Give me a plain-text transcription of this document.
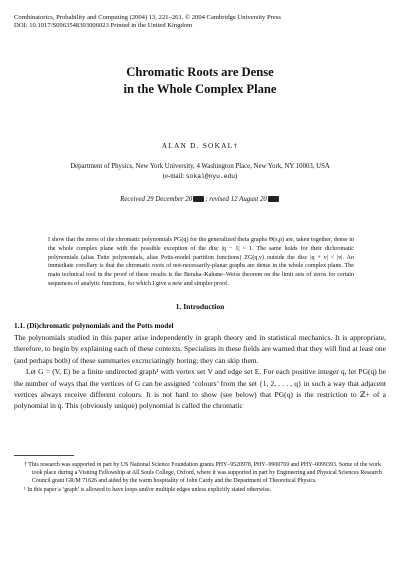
Combinatorics, Probability and Computing (2004) 13, 221–261. © 2004 Cambridge University Press
DOI: 10.1017/S0963548303006023 Printed in the United Kingdom
Chromatic Roots are Dense
in the Whole Complex Plane
ALAN D. SOKAL†
Department of Physics, New York University, 4 Washington Place, New York, NY 10003, USA
(e-mail: sokal@nyu.edu)
Received 29 December 20 ; revised 12 August 20

I show that the zeros of the chromatic polynomials PG(q) for the generalized theta graphs Θ(s,p) are, taken together, dense in the whole complex plane with the possible exception of the disc |q − 1| < 1. The same holds for their dichromatic polynomials (alias Tutte polynomials, alias Potts-model partition functions) ZG(q,v) outside the disc |q + v| < |v|. An immediate corollary is that the chromatic roots of not-necessarily-planar graphs are dense in the whole complex plane. The main technical tool in the proof of these results is the Beraha–Kahane–Weiss theorem on the limit sets of zeros for certain sequences of analytic functions, for which I give a new and simpler proof.

1. Introduction
1.1. (Di)chromatic polynomials and the Potts model

The polynomials studied in this paper arise independently in graph theory and in statistical mechanics. It is appropriate, therefore, to begin by explaining each of these contexts. Specialists in these fields are warned that they will find at least one (and perhaps both) of these summaries excruciatingly boring; they can skip them.

Let G = (V, E) be a finite undirected graph¹ with vertex set V and edge set E. For each positive integer q, let PG(q) be the number of ways that the vertices of G can be assigned ‘colours’ from the set {1, 2, . . . , q} in such a way that adjacent vertices always receive different colours. It is not hard to show (see below) that PG(q) is the restriction to ℤ+ of a polynomial in q. This (obviously unique) polynomial is called the chromatic

† This research was supported in part by US National Science Foundation grants PHY–9520978, PHY–9900769 and PHY–0099393. Some of the work took place during a Visiting Fellowship at All Souls College, Oxford, where it was supported in part by Engineering and Physical Sciences Research Council grant GR/M 71626 and aided by the warm hospitality of John Cardy and the Department of Theoretical Physics.

¹ In this paper a ‘graph’ is allowed to have loops and/or multiple edges unless explicitly stated otherwise.
